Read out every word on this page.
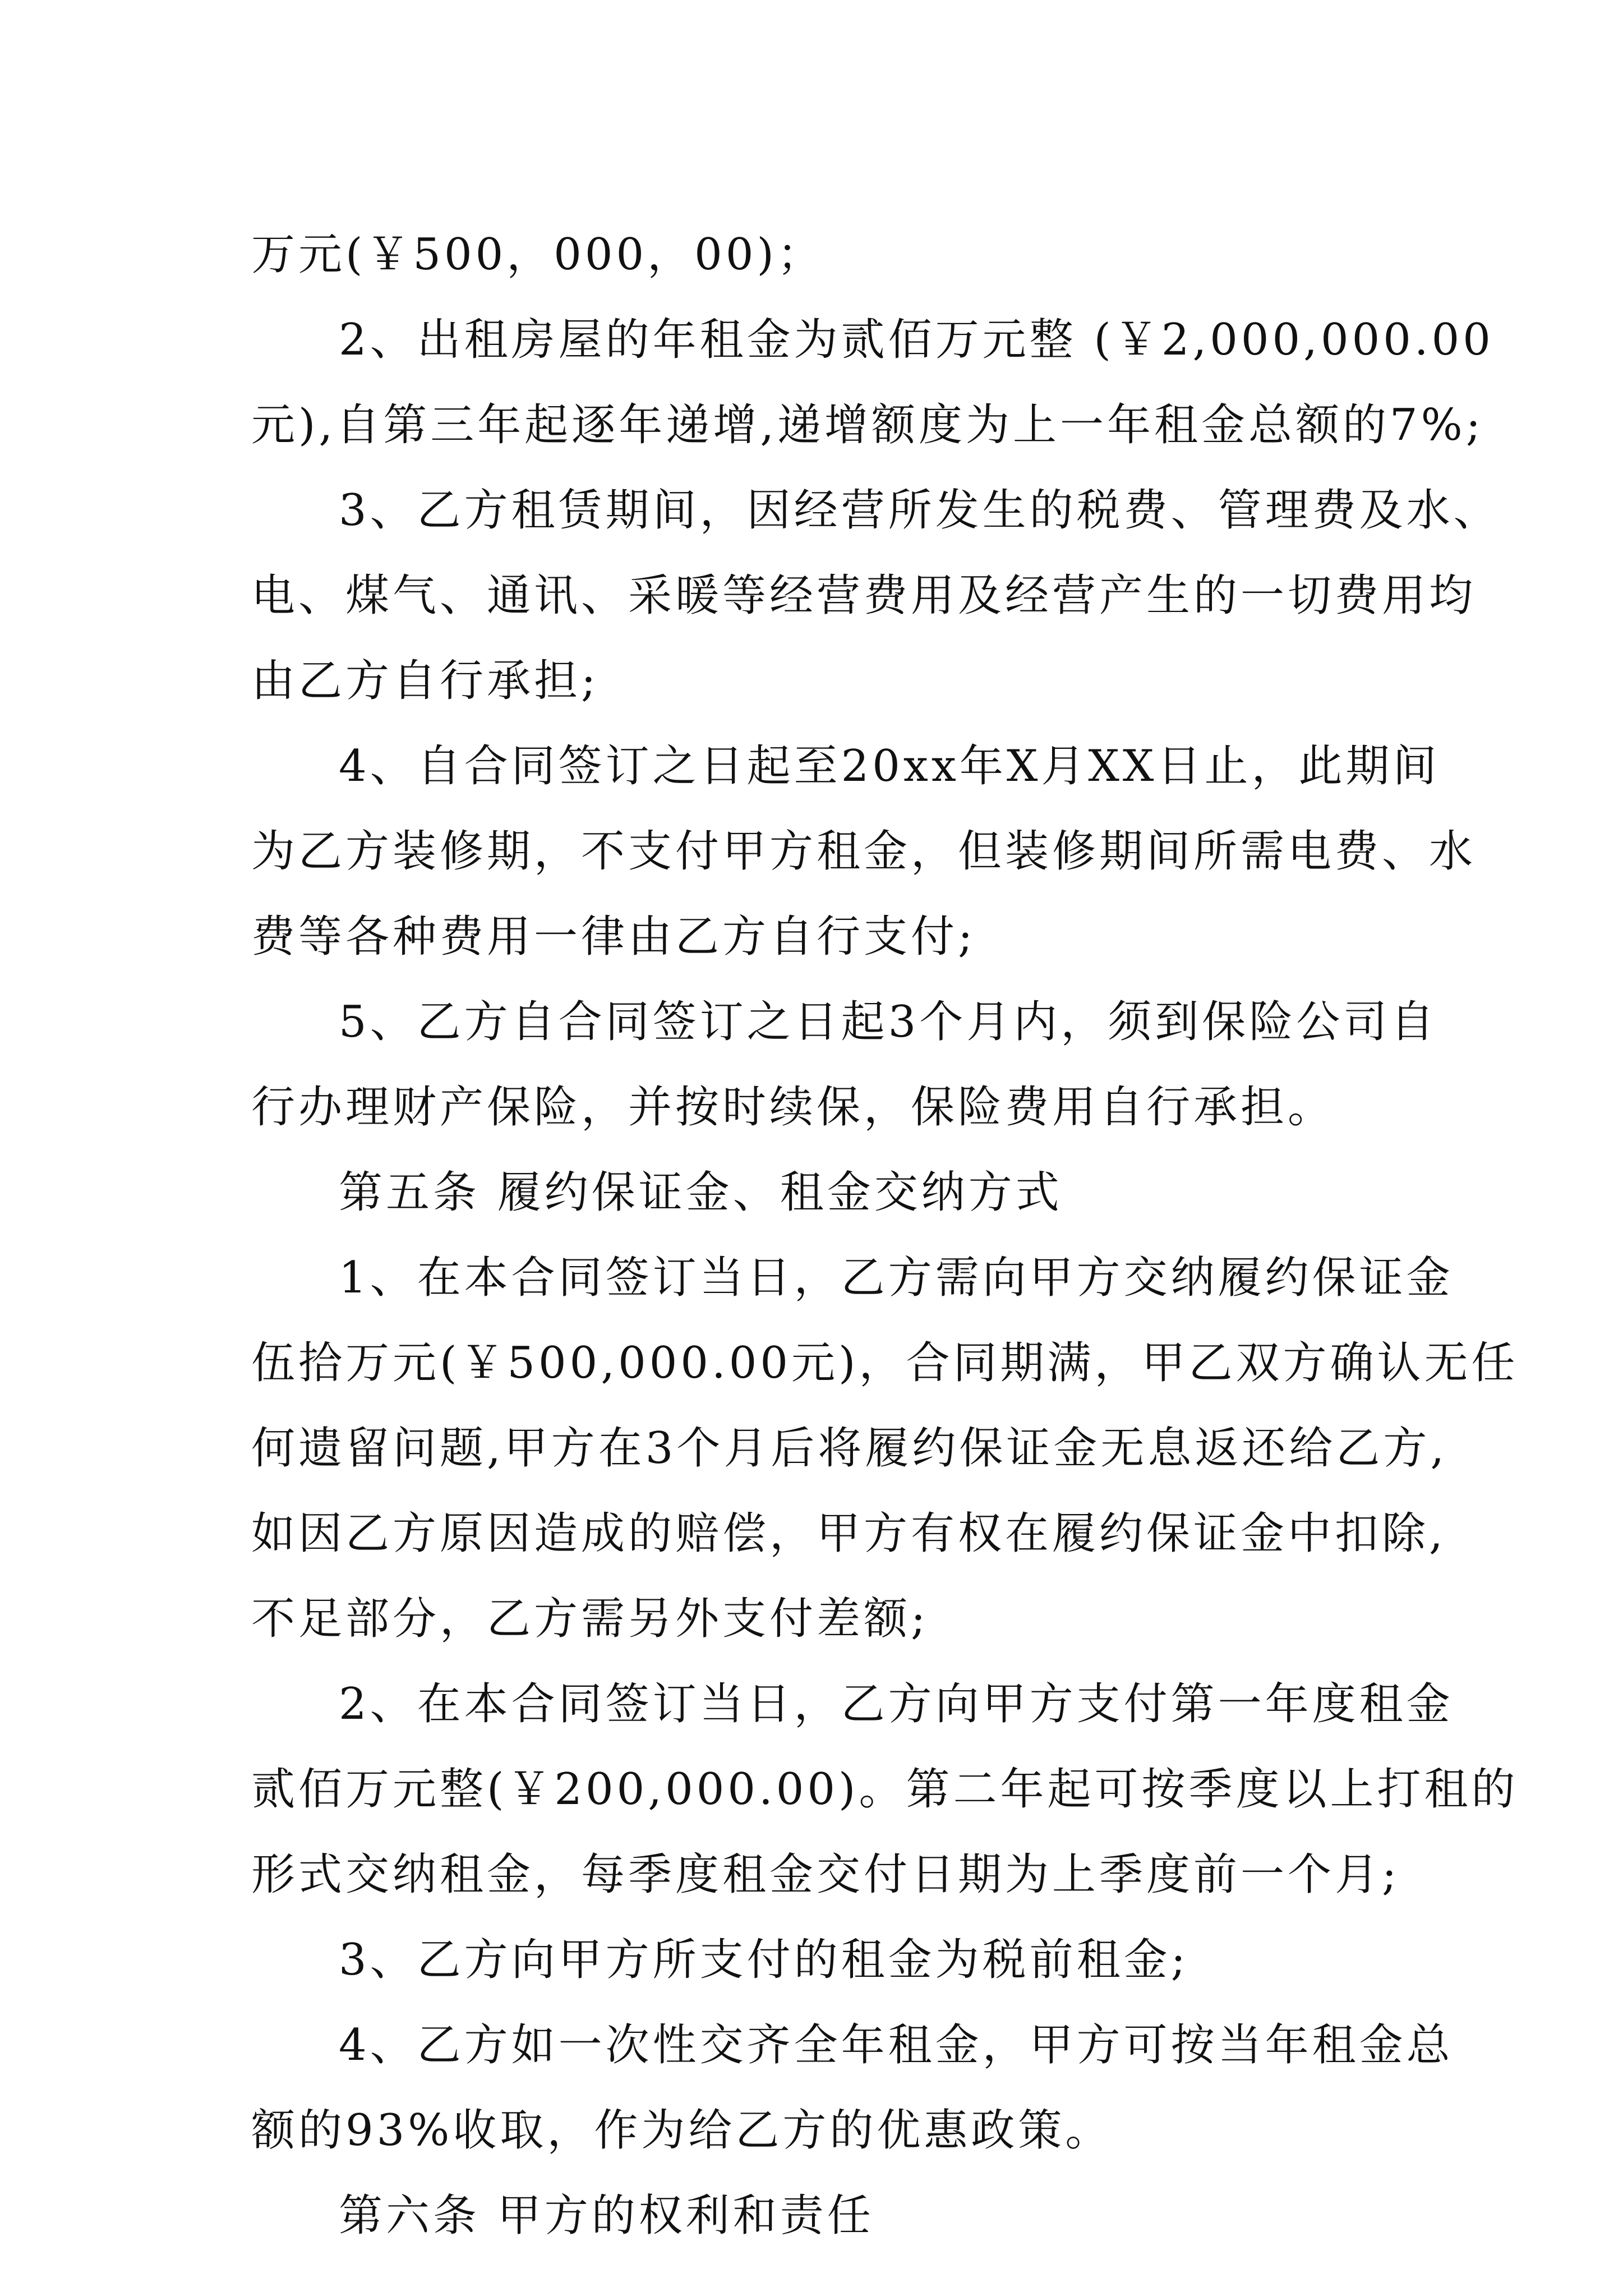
万元(￥500，000，00)；
2、出租房屋的年租金为贰佰万元整 (￥2,000,000.00
元),自第三年起逐年递增,递增额度为上一年租金总额的7%;
3、乙方租赁期间，因经营所发生的税费、管理费及水、
电、煤气、通讯、采暖等经营费用及经营产生的一切费用均
由乙方自行承担;
4、自合同签订之日起至20xx年X月XX日止，此期间
为乙方装修期，不支付甲方租金，但装修期间所需电费、水
费等各种费用一律由乙方自行支付;
5、乙方自合同签订之日起3个月内，须到保险公司自
行办理财产保险，并按时续保，保险费用自行承担。
第五条 履约保证金、租金交纳方式
1、在本合同签订当日，乙方需向甲方交纳履约保证金
伍拾万元(￥500,000.00元)，合同期满，甲乙双方确认无任
何遗留问题,甲方在3个月后将履约保证金无息返还给乙方,
如因乙方原因造成的赔偿，甲方有权在履约保证金中扣除,
不足部分，乙方需另外支付差额;
2、在本合同签订当日，乙方向甲方支付第一年度租金
贰佰万元整(￥200,000.00)。第二年起可按季度以上打租的
形式交纳租金，每季度租金交付日期为上季度前一个月;
3、乙方向甲方所支付的租金为税前租金;
4、乙方如一次性交齐全年租金，甲方可按当年租金总
额的93%收取，作为给乙方的优惠政策。
第六条 甲方的权利和责任
